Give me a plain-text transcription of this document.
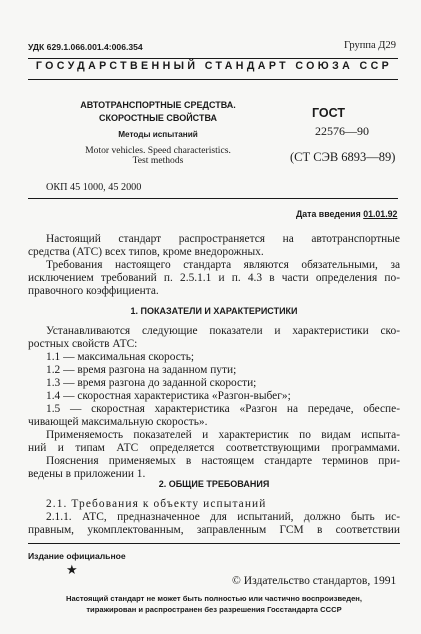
УДК 629.1.066.001.4:006.354	Группа Д29
ГОСУДАРСТВЕННЫЙ СТАНДАРТ СОЮЗА ССР
АВТОТРАНСПОРТНЫЕ СРЕДСТВА.
СКОРОСТНЫЕ СВОЙСТВА
Методы испытаний
Motor vehicles. Speed characteristics.
Test methods
ГОСТ
22576—90
(СТ СЭВ 6893—89)
ОКП 45 1000, 45 2000
Дата введения 01.01.92
Настоящий стандарт распространяется на автотранспортные
средства (АТС) всех типов, кроме внедорожных.
Требования настоящего стандарта являются обязательными, за
исключением требований п. 2.5.1.1 и п. 4.3 в части определения по-
правочного коэффициента.
1. ПОКАЗАТЕЛИ И ХАРАКТЕРИСТИКИ
Устанавливаются следующие показатели и характеристики ско-
ростных свойств АТС:
1.1 — максимальная скорость;
1.2 — время разгона на заданном пути;
1.3 — время разгона до заданной скорости;
1.4 — скоростная характеристика «Разгон-выбег»;
1.5 — скоростная характеристика «Разгон на передаче, обеспе-
чивающей максимальную скорость».
Применяемость показателей и характеристик по видам испыта-
ний и типам АТС определяется соответствующими программами.
Пояснения применяемых в настоящем стандарте терминов при-
ведены в приложении 1.
2. ОБЩИЕ ТРЕБОВАНИЯ
2.1. Требования к объекту испытаний
2.1.1. АТС, предназначенное для испытаний, должно быть ис-
правным, укомплектованным, заправленным ГСМ в соответствии
Издание официальное
★
© Издательство стандартов, 1991
Настоящий стандарт не может быть полностью или частично воспроизведен,
тиражирован и распространен без разрешения Госстандарта СССР
